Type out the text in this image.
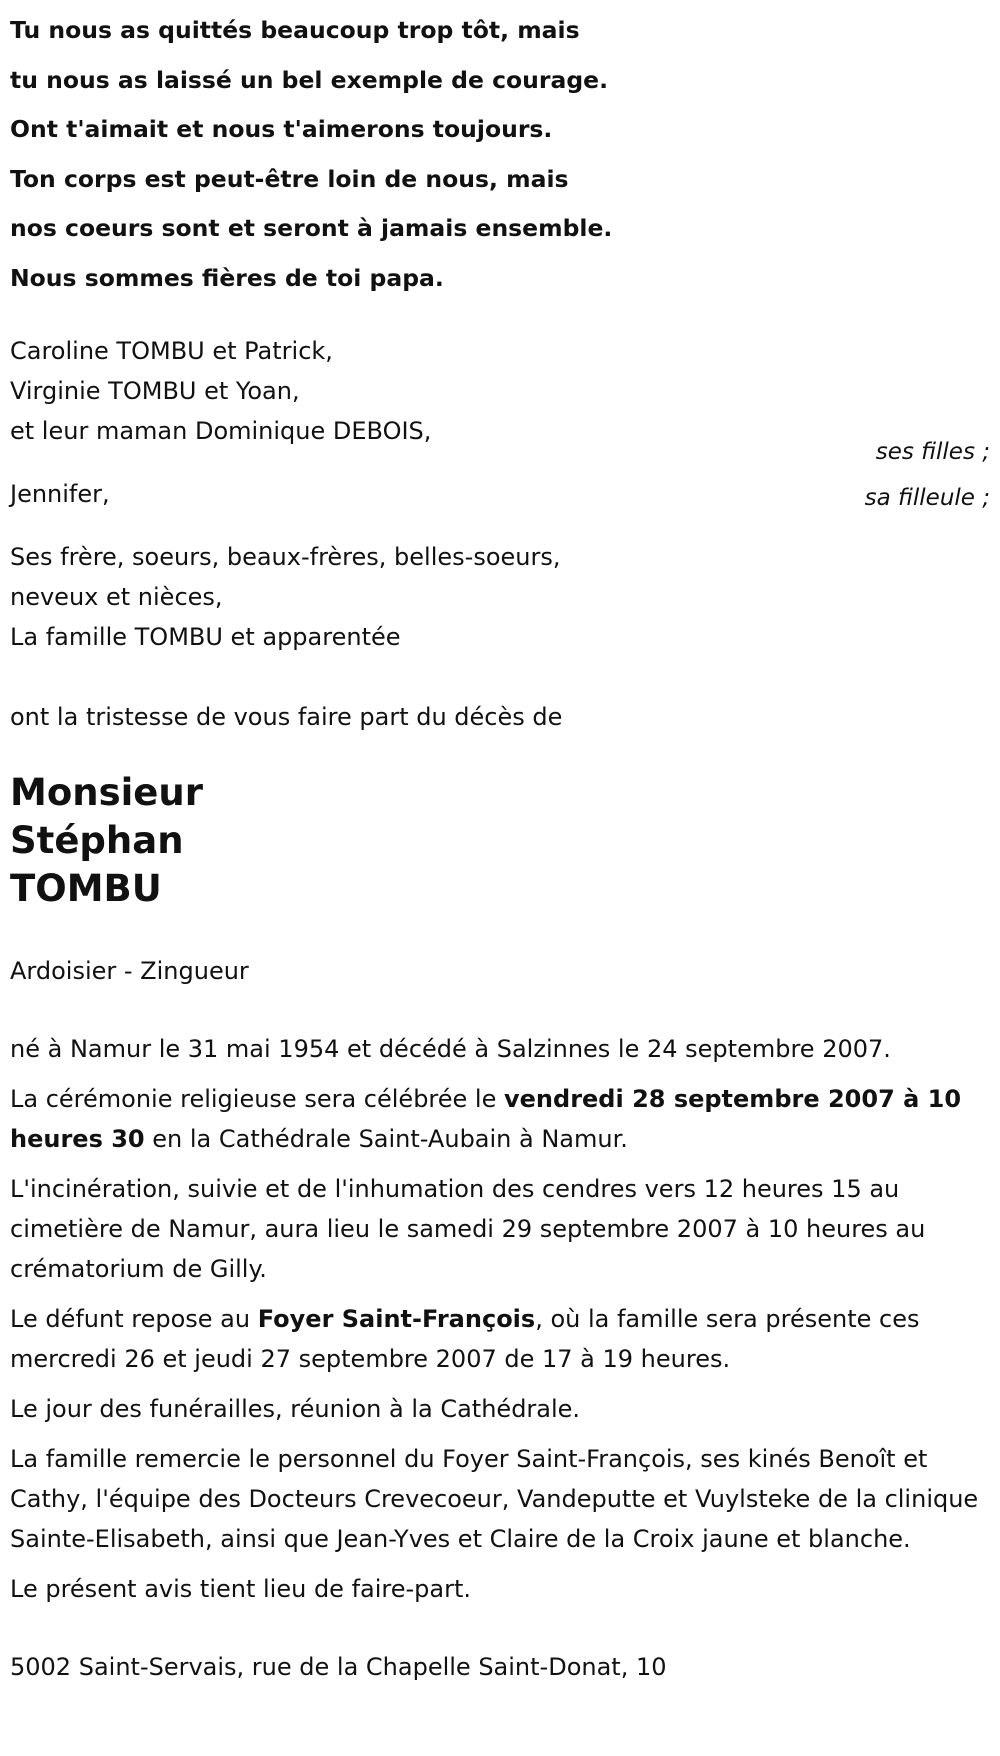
Tu nous as quittés beaucoup trop tôt, mais
tu nous as laissé un bel exemple de courage.
Ont t'aimait et nous t'aimerons toujours.
Ton corps est peut-être loin de nous, mais
nos coeurs sont et seront à jamais ensemble.
Nous sommes fières de toi papa.
Caroline TOMBU et Patrick,
Virginie TOMBU et Yoan,
et leur maman Dominique DEBOIS,
ses filles ;
Jennifer,	sa filleule ;
Ses frère, soeurs, beaux-frères, belles-soeurs,
neveux et nièces,
La famille TOMBU et apparentée
ont la tristesse de vous faire part du décès de
Monsieur
Stéphan
TOMBU
Ardoisier - Zingueur

né à Namur le 31 mai 1954 et décédé à Salzinnes le 24 septembre 2007.

La cérémonie religieuse sera célébrée le vendredi 28 septembre 2007 à 10 heures 30 en la Cathédrale Saint-Aubain à Namur.

L'incinération, suivie et de l'inhumation des cendres vers 12 heures 15 au cimetière de Namur, aura lieu le samedi 29 septembre 2007 à 10 heures au crématorium de Gilly.

Le défunt repose au Foyer Saint-François, où la famille sera présente ces mercredi 26 et jeudi 27 septembre 2007 de 17 à 19 heures.

Le jour des funérailles, réunion à la Cathédrale.

La famille remercie le personnel du Foyer Saint-François, ses kinés Benoît et Cathy, l'équipe des Docteurs Crevecoeur, Vandeputte et Vuylsteke de la clinique Sainte-Elisabeth, ainsi que Jean-Yves et Claire de la Croix jaune et blanche.

Le présent avis tient lieu de faire-part.

5002 Saint-Servais, rue de la Chapelle Saint-Donat, 10
